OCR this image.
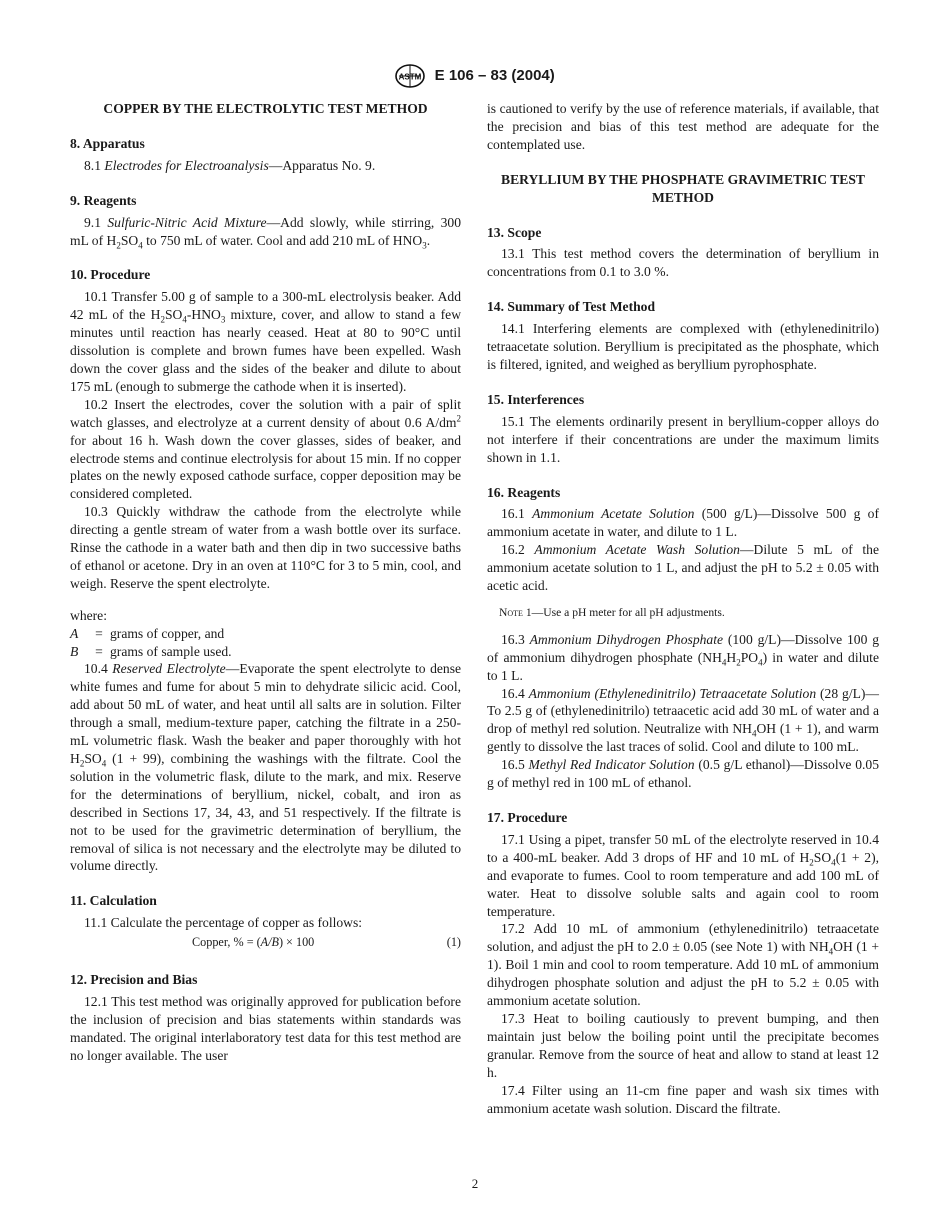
ASTM E 106 – 83 (2004)

COPPER BY THE ELECTROLYTIC TEST METHOD

8. Apparatus

8.1 Electrodes for Electroanalysis—Apparatus No. 9.

9. Reagents

9.1 Sulfuric-Nitric Acid Mixture—Add slowly, while stirring, 300 mL of $H_2SO_4$ to 750 mL of water. Cool and add 210 mL of $HNO_3$.

10. Procedure

10.1 Transfer 5.00 g of sample to a 300-mL electrolysis beaker. Add 42 mL of the $H_2SO_4-HNO_3$ mixture, cover, and allow to stand a few minutes until reaction has nearly ceased. Heat at 80 to 90°C until dissolution is complete and brown fumes have been expelled. Wash down the cover glass and the sides of the beaker and dilute to about 175 mL (enough to submerge the cathode when it is inserted).

10.2 Insert the electrodes, cover the solution with a pair of split watch glasses, and electrolyze at a current density of about 0.6 $A/dm^2$ for about 16 h. Wash down the cover glasses, sides of beaker, and electrode stems and continue electrolysis for about 15 min. If no copper plates on the newly exposed cathode surface, copper deposition may be considered completed.

10.3 Quickly withdraw the cathode from the electrolyte while directing a gentle stream of water from a wash bottle over its surface. Rinse the cathode in a water bath and then dip in two successive baths of ethanol or acetone. Dry in an oven at 110°C for 3 to 5 min, cool, and weigh. Reserve the spent electrolyte.

where:

A	= grams of copper, and
B	= grams of sample used.

10.4 Reserved Electrolyte—Evaporate the spent electrolyte to dense white fumes and fume for about 5 min to dehydrate silicic acid. Cool, add about 50 mL of water, and heat until all salts are in solution. Filter through a small, medium-texture paper, catching the filtrate in a 250-mL volumetric flask. Wash the beaker and paper thoroughly with hot $H_2SO_4$ (1 + 99), combining the washings with the filtrate. Cool the solution in the volumetric flask, dilute to the mark, and mix. Reserve for the determinations of beryllium, nickel, cobalt, and iron as described in Sections 17, 34, 43, and 51 respectively. If the filtrate is not to be used for the gravimetric determination of beryllium, the removal of silica is not necessary and the electrolyte may be diluted to volume directly.

11. Calculation

11.1 Calculate the percentage of copper as follows:

Copper, % = (A/B) × 100	(1)

12. Precision and Bias

12.1 This test method was originally approved for publication before the inclusion of precision and bias statements within standards was mandated. The original interlaboratory test data for this test method are no longer available. The user

is cautioned to verify by the use of reference materials, if available, that the precision and bias of this test method are adequate for the contemplated use.

BERYLLIUM BY THE PHOSPHATE GRAVIMETRIC TEST METHOD

13. Scope

13.1 This test method covers the determination of beryllium in concentrations from 0.1 to 3.0 %.

14. Summary of Test Method

14.1 Interfering elements are complexed with (ethylenedinitrilo) tetraacetate solution. Beryllium is precipitated as the phosphate, which is filtered, ignited, and weighed as beryllium pyrophosphate.

15. Interferences

15.1 The elements ordinarily present in beryllium-copper alloys do not interfere if their concentrations are under the maximum limits shown in 1.1.

16. Reagents

16.1 Ammonium Acetate Solution (500 g/L)—Dissolve 500 g of ammonium acetate in water, and dilute to 1 L.

16.2 Ammonium Acetate Wash Solution—Dilute 5 mL of the ammonium acetate solution to 1 L, and adjust the pH to 5.2 ± 0.05 with acetic acid.

Note 1—Use a pH meter for all pH adjustments.

16.3 Ammonium Dihydrogen Phosphate (100 g/L)—Dissolve 100 g of ammonium dihydrogen phosphate $(NH_4H_2PO_4)$ in water and dilute to 1 L.

16.4 Ammonium (Ethylenedinitrilo) Tetraacetate Solution (28 g/L)—To 2.5 g of (ethylenedinitrilo) tetraacetic acid add 30 mL of water and a drop of methyl red solution. Neutralize with $NH_4OH$ (1 + 1), and warm gently to dissolve the last traces of solid. Cool and dilute to 100 mL.

16.5 Methyl Red Indicator Solution (0.5 g/L ethanol)—Dissolve 0.05 g of methyl red in 100 mL of ethanol.

17. Procedure

17.1 Using a pipet, transfer 50 mL of the electrolyte reserved in 10.4 to a 400-mL beaker. Add 3 drops of HF and 10 mL of $H_2SO_4(1 + 2)$, and evaporate to fumes. Cool to room temperature and add 100 mL of water. Heat to dissolve soluble salts and again cool to room temperature.

17.2 Add 10 mL of ammonium (ethylenedinitrilo) tetraacetate solution, and adjust the pH to 2.0 ± 0.05 (see Note 1) with $NH_4OH$ (1 + 1). Boil 1 min and cool to room temperature. Add 10 mL of ammonium dihydrogen phosphate solution and adjust the pH to 5.2 ± 0.05 with ammonium acetate solution.

17.3 Heat to boiling cautiously to prevent bumping, and then maintain just below the boiling point until the precipitate becomes granular. Remove from the source of heat and allow to stand at least 12 h.

17.4 Filter using an 11-cm fine paper and wash six times with ammonium acetate wash solution. Discard the filtrate.

2
